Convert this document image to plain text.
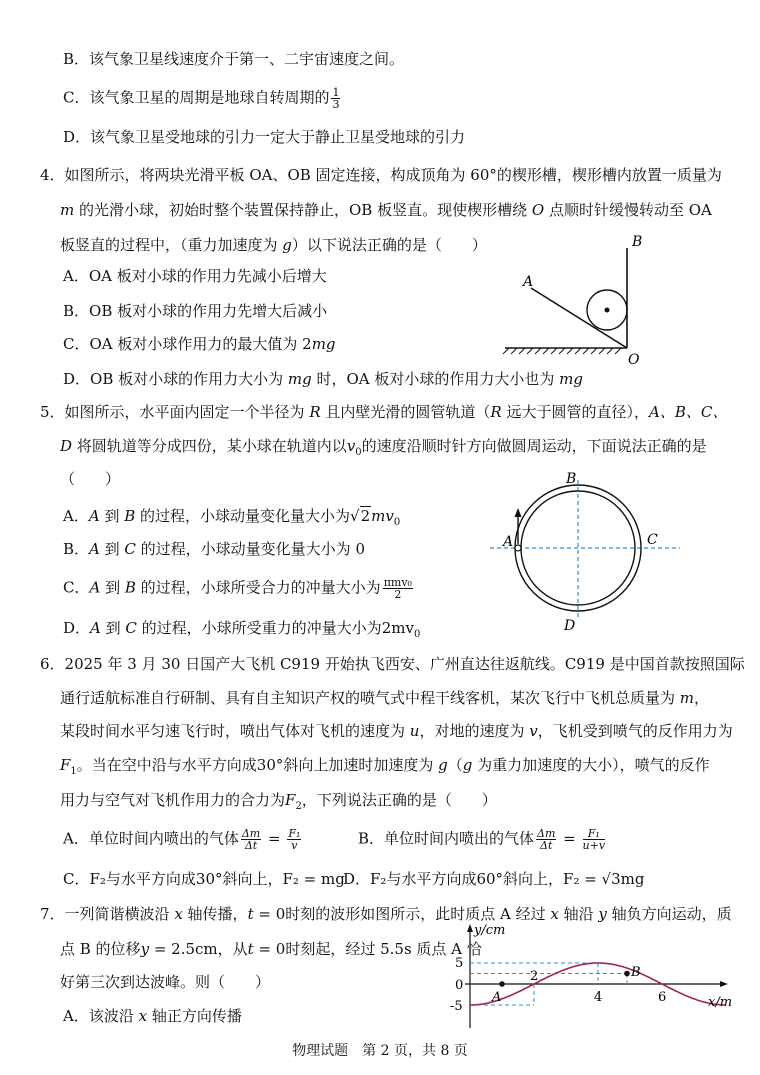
B．该气象卫星线速度介于第一、二宇宙速度之间。
C．该气象卫星的周期是地球自转周期的 $\frac{1}{3}$
D．该气象卫星受地球的引力一定大于静止卫星受地球的引力
4．如图所示，将两块光滑平板 OA、OB 固定连接，构成顶角为 60°的楔形槽，楔形槽内放置一质量为
m 的光滑小球，初始时整个装置保持静止，OB 板竖直。现使楔形槽绕 O 点顺时针缓慢转动至 OA
板竖直的过程中，（重力加速度为 g）以下说法正确的是（　　）
A．OA 板对小球的作用力先减小后增大
B．OB 板对小球的作用力先增大后减小
C．OA 板对小球作用力的最大值为 2mg
D．OB 板对小球的作用力大小为 mg 时，OA 板对小球的作用力大小也为 mg
A
B
O
5．如图所示，水平面内固定一个半径为 R 且内壁光滑的圆管轨道（R 远大于圆管的直径），A、B、C、
D 将圆轨道等分成四份，某小球在轨道内以$v_0$的速度沿顺时针方向做圆周运动，下面说法正确的是
（　　）
A．A 到 B 的过程，小球动量变化量大小为$√2mv_0$
B．A 到 C 的过程，小球动量变化量大小为 0
C．A 到 B 的过程，小球所受合力的冲量大小为 $\frac{\text{πmv₀}}{2}$
D．A 到 C 的过程，小球所受重力的冲量大小为$2mv_0$
A
B
C
D
6．2025 年 3 月 30 日国产大飞机 C919 开始执飞西安、广州直达往返航线。C919 是中国首款按照国际
通行适航标准自行研制、具有自主知识产权的喷气式中程干线客机，某次飞行中飞机总质量为 m，
某段时间水平匀速飞行时，喷出气体对飞机的速度为 u，对地的速度为 v，飞机受到喷气的反作用力为
$F_1$。当在空中沿与水平方向成30°斜向上加速时加速度为 g（g 为重力加速度的大小），喷气的反作
用力与空气对飞机作用力的合力为$F_2$，下列说法正确的是（　　）
A．单位时间内喷出的气体 $\frac{\Delta m}{\Delta t} = \frac{\text{F₁}}{v}$	B．单位时间内喷出的气体 $\frac{\Delta m}{\Delta t} = \frac{\text{F₁}}{u+v}$
C．F₂与水平方向成30°斜向上，F₂ = mg
D．F₂与水平方向成60°斜向上，F₂ = √3mg
7．一列简谐横波沿 x 轴传播，t = 0时刻的波形如图所示，此时质点 A 经过 x 轴沿 y 轴负方向运动，质
点 B 的位移y = 2.5cm，从t = 0时刻起，经过 5.5s 质点 A 恰
好第三次到达波峰。则（　　）
A．该波沿 x 轴正方向传播
y/cm
x/m
5
0
-5
2
4	6
A
B
物理试题　第 2 页，共 8 页
